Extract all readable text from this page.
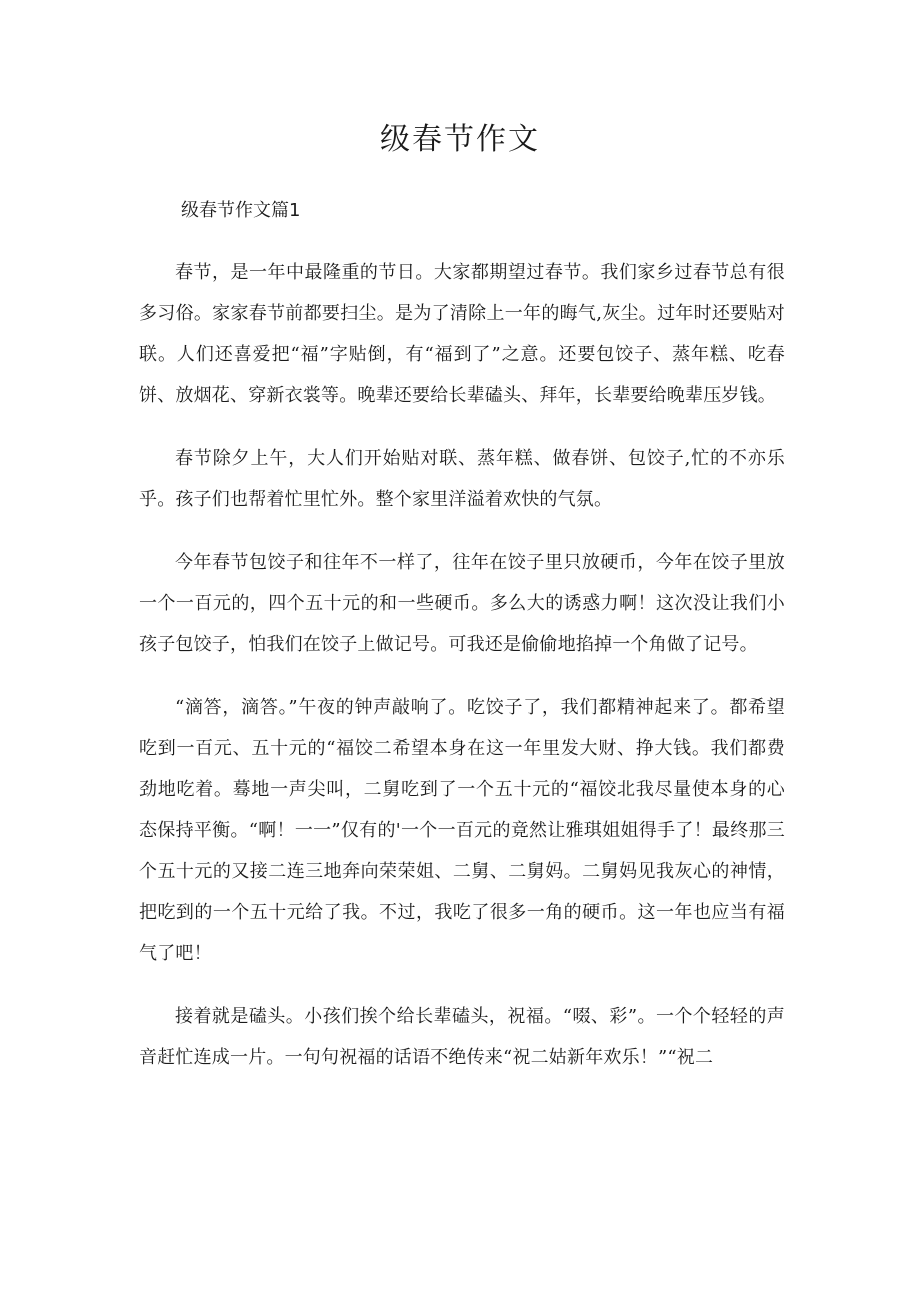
级春节作文
级春节作文篇1

春节，是一年中最隆重的节日。大家都期望过春节。我们家乡过春节总有很多习俗。家家春节前都要扫尘。是为了清除上一年的晦气,灰尘。过年时还要贴对联。人们还喜爱把“福”字贴倒，有“福到了”之意。还要包饺子、蒸年糕、吃春饼、放烟花、穿新衣裳等。晚辈还要给长辈磕头、拜年，长辈要给晚辈压岁钱。

春节除夕上午，大人们开始贴对联、蒸年糕、做春饼、包饺子,忙的不亦乐乎。孩子们也帮着忙里忙外。整个家里洋溢着欢快的气氛。

今年春节包饺子和往年不一样了，往年在饺子里只放硬币，今年在饺子里放一个一百元的，四个五十元的和一些硬币。多么大的诱惑力啊！这次没让我们小孩子包饺子，怕我们在饺子上做记号。可我还是偷偷地掐掉一个角做了记号。

“滴答，滴答。”午夜的钟声敲响了。吃饺子了，我们都精神起来了。都希望吃到一百元、五十元的“福饺二希望本身在这一年里发大财、挣大钱。我们都费劲地吃着。蓦地一声尖叫，二舅吃到了一个五十元的“福饺北我尽量使本身的心态保持平衡。“啊！一一”仅有的'一个一百元的竟然让雅琪姐姐得手了！最终那三个五十元的又接二连三地奔向荣荣姐、二舅、二舅妈。二舅妈见我灰心的神情，把吃到的一个五十元给了我。不过，我吃了很多一角的硬币。这一年也应当有福气了吧！

接着就是磕头。小孩们挨个给长辈磕头，祝福。“啜、彩”。一个个轻轻的声音赶忙连成一片。一句句祝福的话语不绝传来“祝二姑新年欢乐！”“祝二
